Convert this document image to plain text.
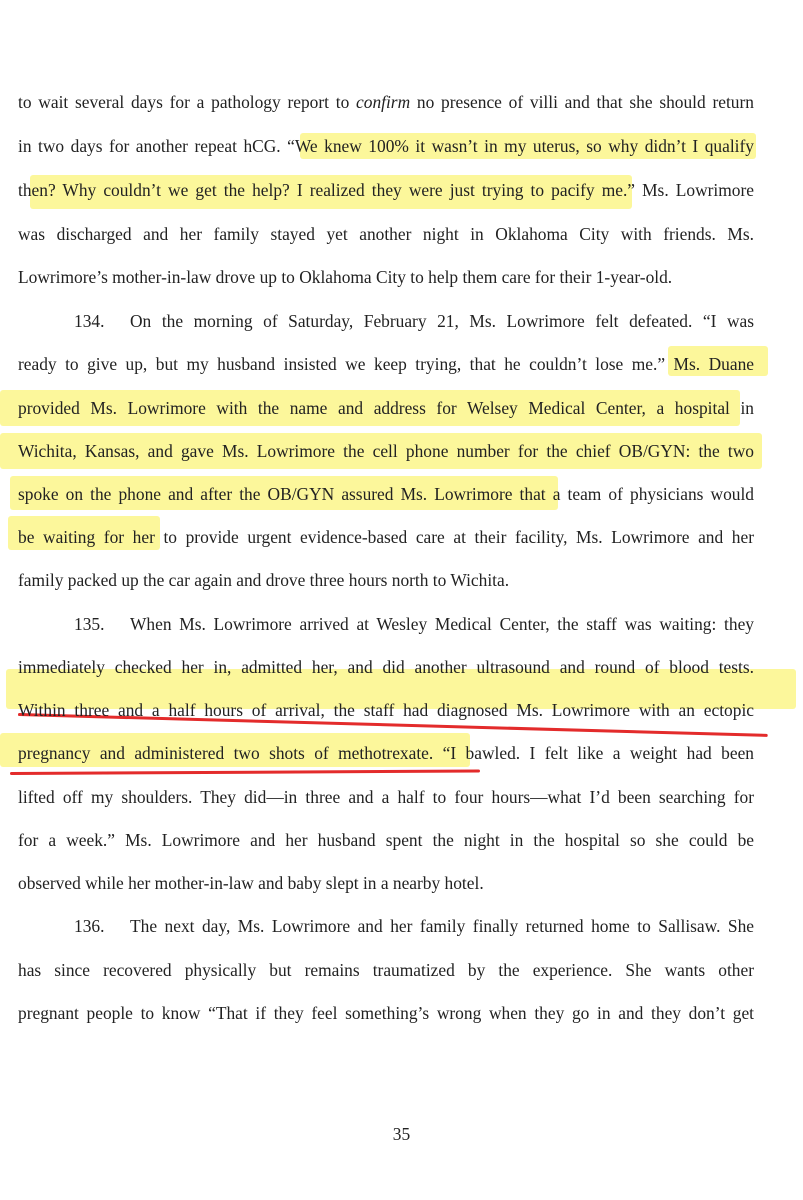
to wait several days for a pathology report to confirm no presence of villi and that she should return
in two days for another repeat hCG. “We knew 100% it wasn’t in my uterus, so why didn’t I qualify
then? Why couldn’t we get the help? I realized they were just trying to pacify me.” Ms. Lowrimore
was discharged and her family stayed yet another night in Oklahoma City with friends. Ms.
Lowrimore’s mother-in-law drove up to Oklahoma City to help them care for their 1-year-old.
134. On the morning of Saturday, February 21, Ms. Lowrimore felt defeated. “I was
ready to give up, but my husband insisted we keep trying, that he couldn’t lose me.” Ms. Duane
provided Ms. Lowrimore with the name and address for Welsey Medical Center, a hospital in
Wichita, Kansas, and gave Ms. Lowrimore the cell phone number for the chief OB/GYN: the two
spoke on the phone and after the OB/GYN assured Ms. Lowrimore that a team of physicians would
be waiting for her to provide urgent evidence-based care at their facility, Ms. Lowrimore and her
family packed up the car again and drove three hours north to Wichita.
135. When Ms. Lowrimore arrived at Wesley Medical Center, the staff was waiting: they
immediately checked her in, admitted her, and did another ultrasound and round of blood tests.
Within three and a half hours of arrival, the staff had diagnosed Ms. Lowrimore with an ectopic
pregnancy and administered two shots of methotrexate. “I bawled. I felt like a weight had been
lifted off my shoulders. They did—in three and a half to four hours—what I’d been searching for
for a week.” Ms. Lowrimore and her husband spent the night in the hospital so she could be
observed while her mother-in-law and baby slept in a nearby hotel.
136. The next day, Ms. Lowrimore and her family finally returned home to Sallisaw. She
has since recovered physically but remains traumatized by the experience. She wants other
pregnant people to know “That if they feel something’s wrong when they go in and they don’t get
35
